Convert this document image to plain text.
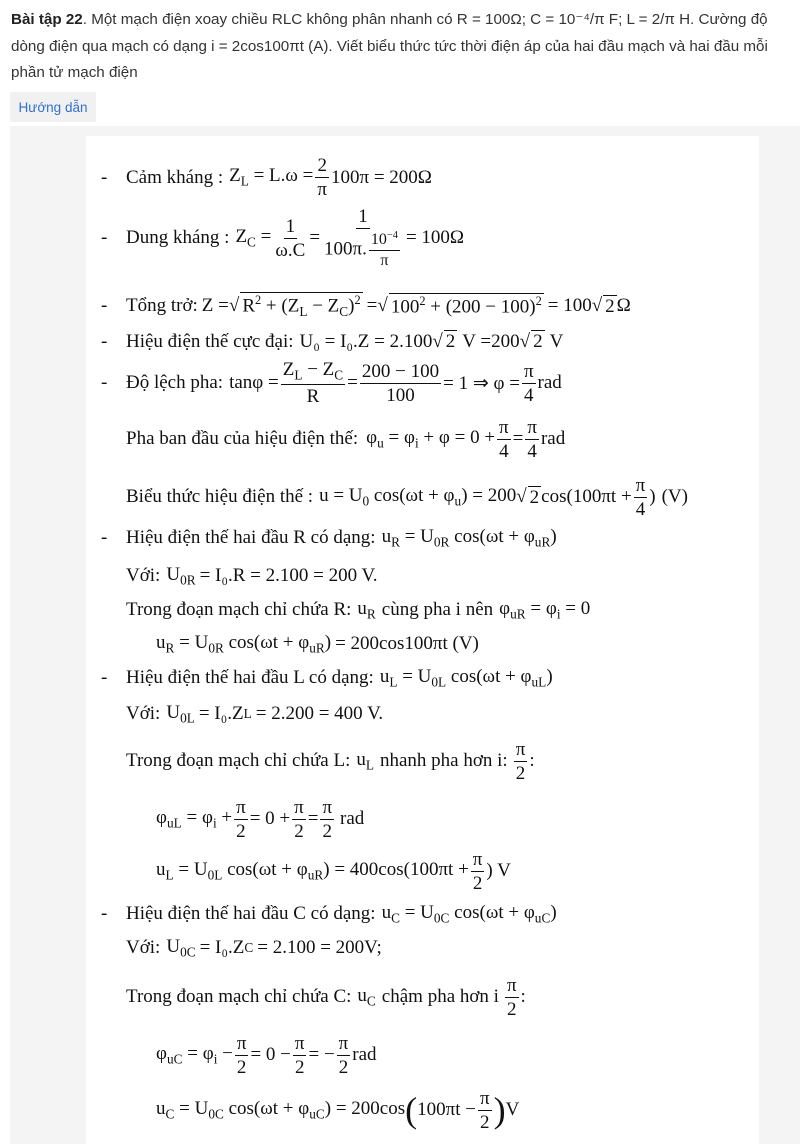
Bài tập 22. Một mạch điện xoay chiều RLC không phân nhanh có R = 100Ω; C = 10⁻⁴/π F; L = 2/π H. Cường độ dòng điện qua mạch có dạng i = 2cos100πt (A). Viết biểu thức tức thời điện áp của hai đầu mạch và hai đầu mỗi phần tử mạch điện
Hướng dẫn
- Cảm kháng : $Z_L = L.\omega = \frac{2}{\pi} 100\pi = 200\Omega$
- Dung kháng : $Z_C = \frac{1}{\omega.C} = \frac{1}{100\pi. \frac{10^{-4}}{\pi}} = 100\Omega$
- Tổng trở: Z = √ $R^2 + (Z_L - Z_C)^2$ = √ $100^2 + (200 - 100)^2 = 100$ √ 2 Ω
- Hiệu điện thế cực đại: U₀ = I₀.Z = 2.100 √ 2 V =200 √ 2 V
- Độ lệch pha: $\tan\varphi = \frac{Z_L - Z_C}{R} = \frac{200 - 100}{100} = 1$ ⇒ $\varphi = \frac{\pi}{4}$ rad
Pha ban đầu của hiệu điện thế: $\varphi_u = \varphi_i + \varphi = 0 + \frac{\pi}{4} = \frac{\pi}{4}$ rad
Biểu thức hiệu điện thế : $u = U_0$ $\cos(\omega t + \varphi_u) = 200$ √ 2 $\cos(100\pi t + \frac{\pi}{4}$ ) (V)
- Hiệu điện thế hai đầu R có dạng: $u_R = U_{0R}$ $\cos(\omega t + \varphi_{uR})$
Với: $U_{0R} = I_0.R = 2.100 = 200$ V.
Trong đoạn mạch chỉ chứa R: $u_R$ cùng pha i nên $\varphi_{uR} = \varphi_i = 0$
$u_R = U_{0R}$ $\cos(\omega t + \varphi_{uR}) = 200\cos 100\pi t$ (V)
- Hiệu điện thế hai đầu L có dạng: $u_L = U_{0L}$ $\cos(\omega t + \varphi_{uL})$
Với: $U_{0L} = I_0.Z$ L = 2.200 = 400 V.
Trong đoạn mạch chỉ chứa L: $u_L$ nhanh pha hơn i:
π
2
:
$\varphi_{uL} = \varphi_i + \frac{\pi}{2} = 0 + \frac{\pi}{2} = \frac{\pi}{2}$ rad
$u_L = U_{0L}$ $\cos(\omega t + \varphi_{uR}) = 400\cos(100\pi t + \frac{\pi}{2}$ ) V
- Hiệu điện thế hai đầu C có dạng: $u_C = U_{0C}$ $\cos(\omega t + \varphi_{uC})$
Với: $U_{0C} = I_0.Z$ C = 2.100 = 200V;
Trong đoạn mạch chỉ chứa C: $u_C$ chậm pha hơn i
π
2
:
$\varphi_{uC} = \varphi_i - \frac{\pi}{2} = 0 - \frac{\pi}{2}$ = − $\frac{\pi}{2}$ rad
$u_C = U_{0C}$ $\cos(\omega t + \varphi_{uC}) = 200\cos$ ( $100\pi t - \frac{\pi}{2}$ ) V
